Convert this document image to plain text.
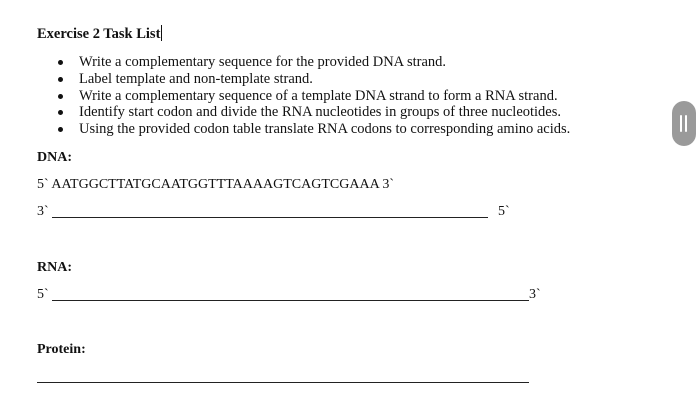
Exercise 2 Task List
Write a complementary sequence for the provided DNA strand.
Label template and non-template strand.
Write a complementary sequence of a template DNA strand to form a RNA strand.
Identify start codon and divide the RNA nucleotides in groups of three nucleotides.
Using the provided codon table translate RNA codons to corresponding amino acids.
DNA:
5` AATGGCTTATGCAATGGTTTAAAAGTCAGTCGAAA 3`
3`	5`
RNA:
5`	3`
Protein:
